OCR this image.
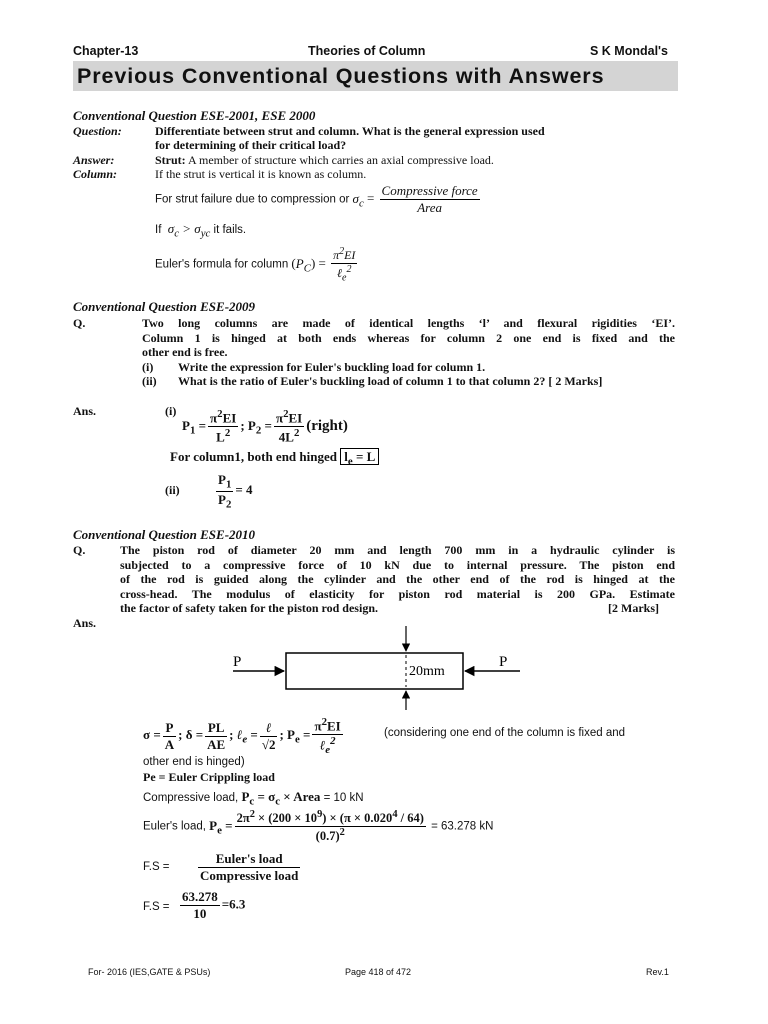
Chapter-13	Theories of Column	S K Mondal's
Previous Conventional Questions with Answers
Conventional Question ESE-2001, ESE 2000
Question:	Differentiate between strut and column. What is the general expression used
for determining of their critical load?
Answer:	Strut: A member of structure which carries an axial compressive load.
Column:	If the strut is vertical it is known as column.
For strut failure due to compression or $\sigma_c = \frac{\text{Compressive force}}{\text{Area}}$
If $\sigma_c > \sigma_{yc}$ it fails.
Euler's formula for column $(P_C) = \frac{\pi^2EI}{\ell_e^2}$
Conventional Question ESE-2009
Q.	Two long columns are made of identical lengths ‘l’ and flexural rigidities ‘EI’.
Column 1 is hinged at both ends whereas for column 2 one end is fixed and the
other end is free.
(i) Write the expression for Euler's buckling load for column 1.
(ii) What is the ratio of Euler's buckling load of column 1 to that column 2? [ 2 Marks]
Ans.	(i)
$P_1 = \frac{\pi^2EI}{L^2}$ ; $P_2 = \frac{\pi^2EI}{4L^2}$ (right)
For column1, both end hinged $l_e = L$
(ii)	$\frac{P_1}{P_2} = 4$
Conventional Question ESE-2010
Q.	The piston rod of diameter 20 mm and length 700 mm in a hydraulic cylinder is
subjected to a compressive force of 10 kN due to internal pressure. The piston end
of the rod is guided along the cylinder and the other end of the rod is hinged at the
cross-head. The modulus of elasticity for piston rod material is 200 GPa. Estimate
the factor of safety taken for the piston rod design.	[2 Marks]
Ans.
P	P
20mm
$\sigma = \frac{P}{A}$ ; $\delta = \frac{PL}{AE}$ ; ℓ$_e$ = $\frac{\text{ℓ}}{√2}$ ; $P_e = \frac{\pi^2EI}{\ell_e^2}$	(considering one end of the column is fixed and
other end is hinged)
Pe = Euler Crippling load
Compressive load, $P_c = \sigma_c$ × Area = 10 kN
Euler's load, $P_e = \frac{2\pi^2 \times (200 \times 10^9) \times (\pi \times 0.020^4 / 64)}{(0.7)^2} = 63.278$ kN
$F.S = \frac{\text{Euler's load}}{\text{Compressive load}}$
$F.S = \frac{63.278}{10} =6.3$
For- 2016 (IES,GATE & PSUs)	Page 418 of 472	Rev.1
